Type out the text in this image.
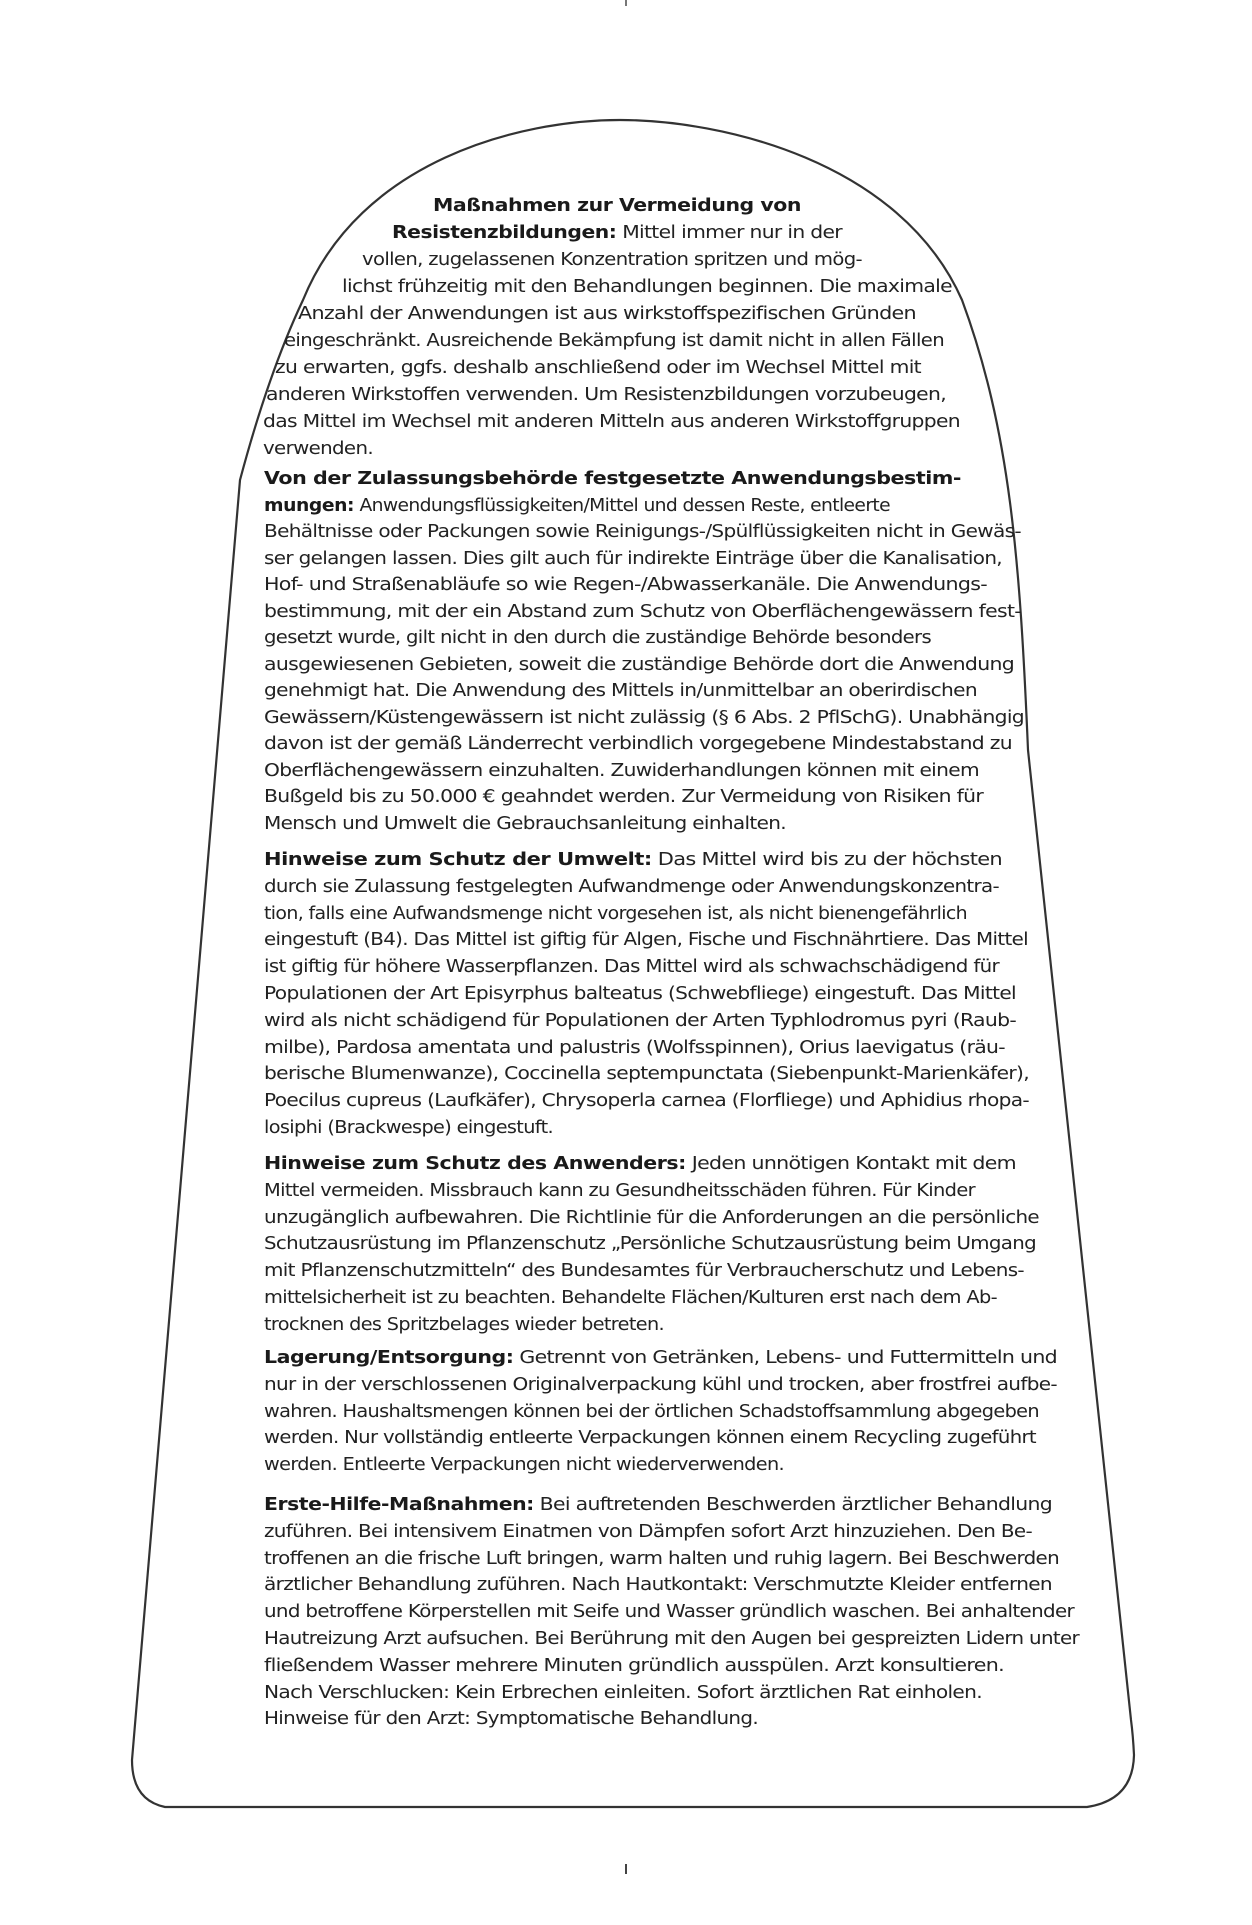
Maßnahmen zur Vermeidung von
Resistenzbildungen: Mittel immer nur in der
vollen, zugelassenen Konzentration spritzen und mög-
lichst frühzeitig mit den Behandlungen beginnen. Die maximale
Anzahl der Anwendungen ist aus wirkstoffspezifischen Gründen
eingeschränkt. Ausreichende Bekämpfung ist damit nicht in allen Fällen
zu erwarten, ggfs. deshalb anschließend oder im Wechsel Mittel mit
anderen Wirkstoffen verwenden. Um Resistenzbildungen vorzubeugen,
das Mittel im Wechsel mit anderen Mitteln aus anderen Wirkstoffgruppen
verwenden.
Von der Zulassungsbehörde festgesetzte Anwendungsbestim-
mungen: Anwendungsflüssigkeiten/Mittel und dessen Reste, entleerte
Behältnisse oder Packungen sowie Reinigungs-/Spülflüssigkeiten nicht in Gewäs-
ser gelangen lassen. Dies gilt auch für indirekte Einträge über die Kanalisation,
Hof- und Straßenabläufe so wie Regen-/Abwasserkanäle. Die Anwendungs-
bestimmung, mit der ein Abstand zum Schutz von Oberflächengewässern fest-
gesetzt wurde, gilt nicht in den durch die zuständige Behörde besonders
ausgewiesenen Gebieten, soweit die zuständige Behörde dort die Anwendung
genehmigt hat. Die Anwendung des Mittels in/unmittelbar an oberirdischen
Gewässern/Küstengewässern ist nicht zulässig (§ 6 Abs. 2 PflSchG). Unabhängig
davon ist der gemäß Länderrecht verbindlich vorgegebene Mindestabstand zu
Oberflächengewässern einzuhalten. Zuwiderhandlungen können mit einem
Bußgeld bis zu 50.000 € geahndet werden. Zur Vermeidung von Risiken für
Mensch und Umwelt die Gebrauchsanleitung einhalten.
Hinweise zum Schutz der Umwelt: Das Mittel wird bis zu der höchsten
durch sie Zulassung festgelegten Aufwandmenge oder Anwendungskonzentra-
tion, falls eine Aufwandsmenge nicht vorgesehen ist, als nicht bienengefährlich
eingestuft (B4). Das Mittel ist giftig für Algen, Fische und Fischnährtiere. Das Mittel
ist giftig für höhere Wasserpflanzen. Das Mittel wird als schwachschädigend für
Populationen der Art Episyrphus balteatus (Schwebfliege) eingestuft. Das Mittel
wird als nicht schädigend für Populationen der Arten Typhlodromus pyri (Raub-
milbe), Pardosa amentata und palustris (Wolfsspinnen), Orius laevigatus (räu-
berische Blumenwanze), Coccinella septempunctata (Siebenpunkt-Marienkäfer),
Poecilus cupreus (Laufkäfer), Chrysoperla carnea (Florfliege) und Aphidius rhopa-
losiphi (Brackwespe) eingestuft.
Hinweise zum Schutz des Anwenders: Jeden unnötigen Kontakt mit dem
Mittel vermeiden. Missbrauch kann zu Gesundheitsschäden führen. Für Kinder
unzugänglich aufbewahren. Die Richtlinie für die Anforderungen an die persönliche
Schutzausrüstung im Pflanzenschutz „Persönliche Schutzausrüstung beim Umgang
mit Pflanzenschutzmitteln“ des Bundesamtes für Verbraucherschutz und Lebens-
mittelsicherheit ist zu beachten. Behandelte Flächen/Kulturen erst nach dem Ab-
trocknen des Spritzbelages wieder betreten.
Lagerung/Entsorgung: Getrennt von Getränken, Lebens- und Futtermitteln und
nur in der verschlossenen Originalverpackung kühl und trocken, aber frostfrei aufbe-
wahren. Haushaltsmengen können bei der örtlichen Schadstoffsammlung abgegeben
werden. Nur vollständig entleerte Verpackungen können einem Recycling zugeführt
werden. Entleerte Verpackungen nicht wiederverwenden.
Erste-Hilfe-Maßnahmen: Bei auftretenden Beschwerden ärztlicher Behandlung
zuführen. Bei intensivem Einatmen von Dämpfen sofort Arzt hinzuziehen. Den Be-
troffenen an die frische Luft bringen, warm halten und ruhig lagern. Bei Beschwerden
ärztlicher Behandlung zuführen. Nach Hautkontakt: Verschmutzte Kleider entfernen
und betroffene Körperstellen mit Seife und Wasser gründlich waschen. Bei anhaltender
Hautreizung Arzt aufsuchen. Bei Berührung mit den Augen bei gespreizten Lidern unter
fließendem Wasser mehrere Minuten gründlich ausspülen. Arzt konsultieren.
Nach Verschlucken: Kein Erbrechen einleiten. Sofort ärztlichen Rat einholen.
Hinweise für den Arzt: Symptomatische Behandlung.
